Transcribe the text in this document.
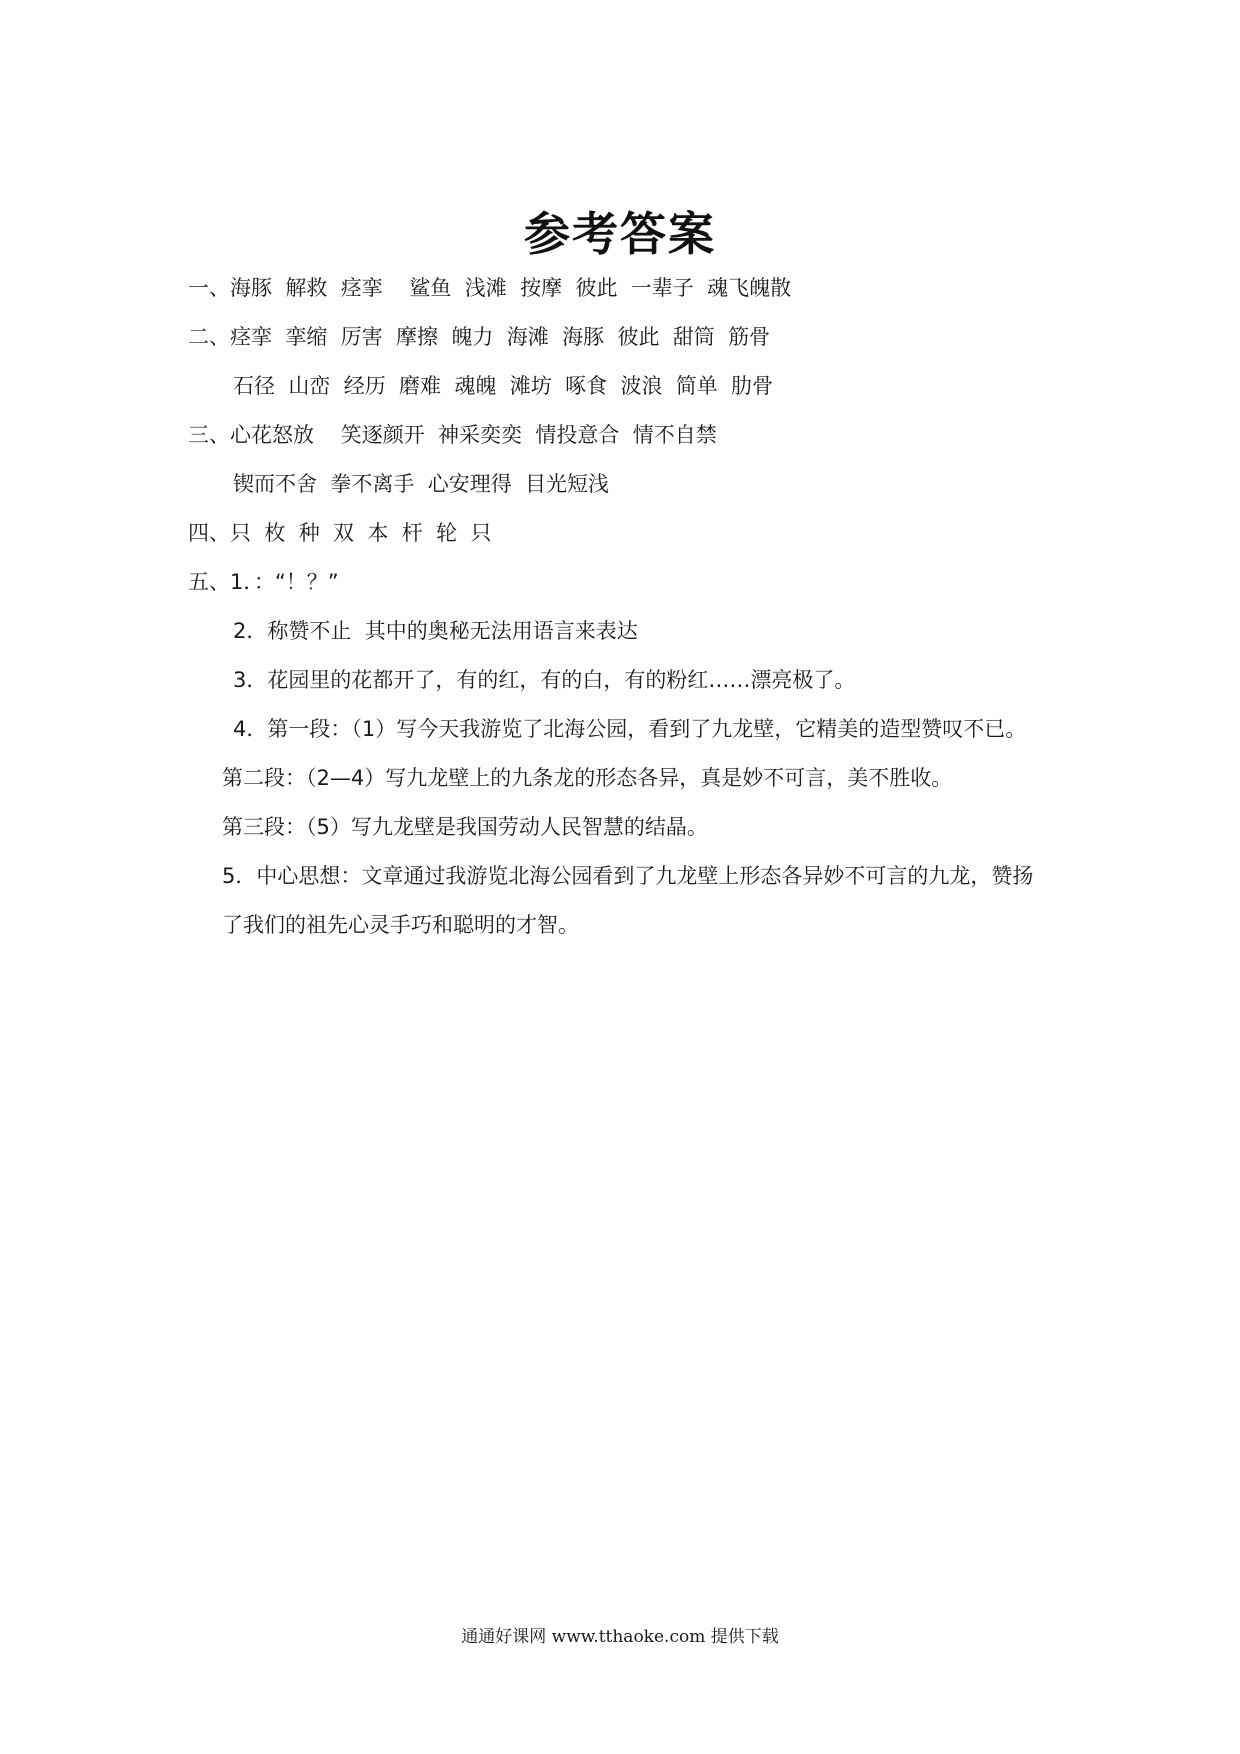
参考答案
一、海豚  解救  痉挛    鲨鱼  浅滩  按摩  彼此  一辈子  魂飞魄散
二、痉挛  挛缩  厉害  摩擦  魄力  海滩  海豚  彼此  甜筒  筋骨
石径  山峦  经历  磨难  魂魄  滩坊  啄食  波浪  简单  肋骨
三、心花怒放    笑逐颜开  神采奕奕  情投意合  情不自禁
锲而不舍  拳不离手  心安理得  目光短浅
四、只  枚  种  双  本  杆  轮  只
五、1．：“！？”
2．称赞不止  其中的奥秘无法用语言来表达
3．花园里的花都开了，有的红，有的白，有的粉红……漂亮极了。
4．第一段：（1）写今天我游览了北海公园，看到了九龙壁，它精美的造型赞叹不已。
第二段：（2—4）写九龙壁上的九条龙的形态各异，真是妙不可言，美不胜收。
第三段：（5）写九龙壁是我国劳动人民智慧的结晶。
5．中心思想：文章通过我游览北海公园看到了九龙壁上形态各异妙不可言的九龙，赞扬
了我们的祖先心灵手巧和聪明的才智。
通通好课网 www.tthaoke.com 提供下载
